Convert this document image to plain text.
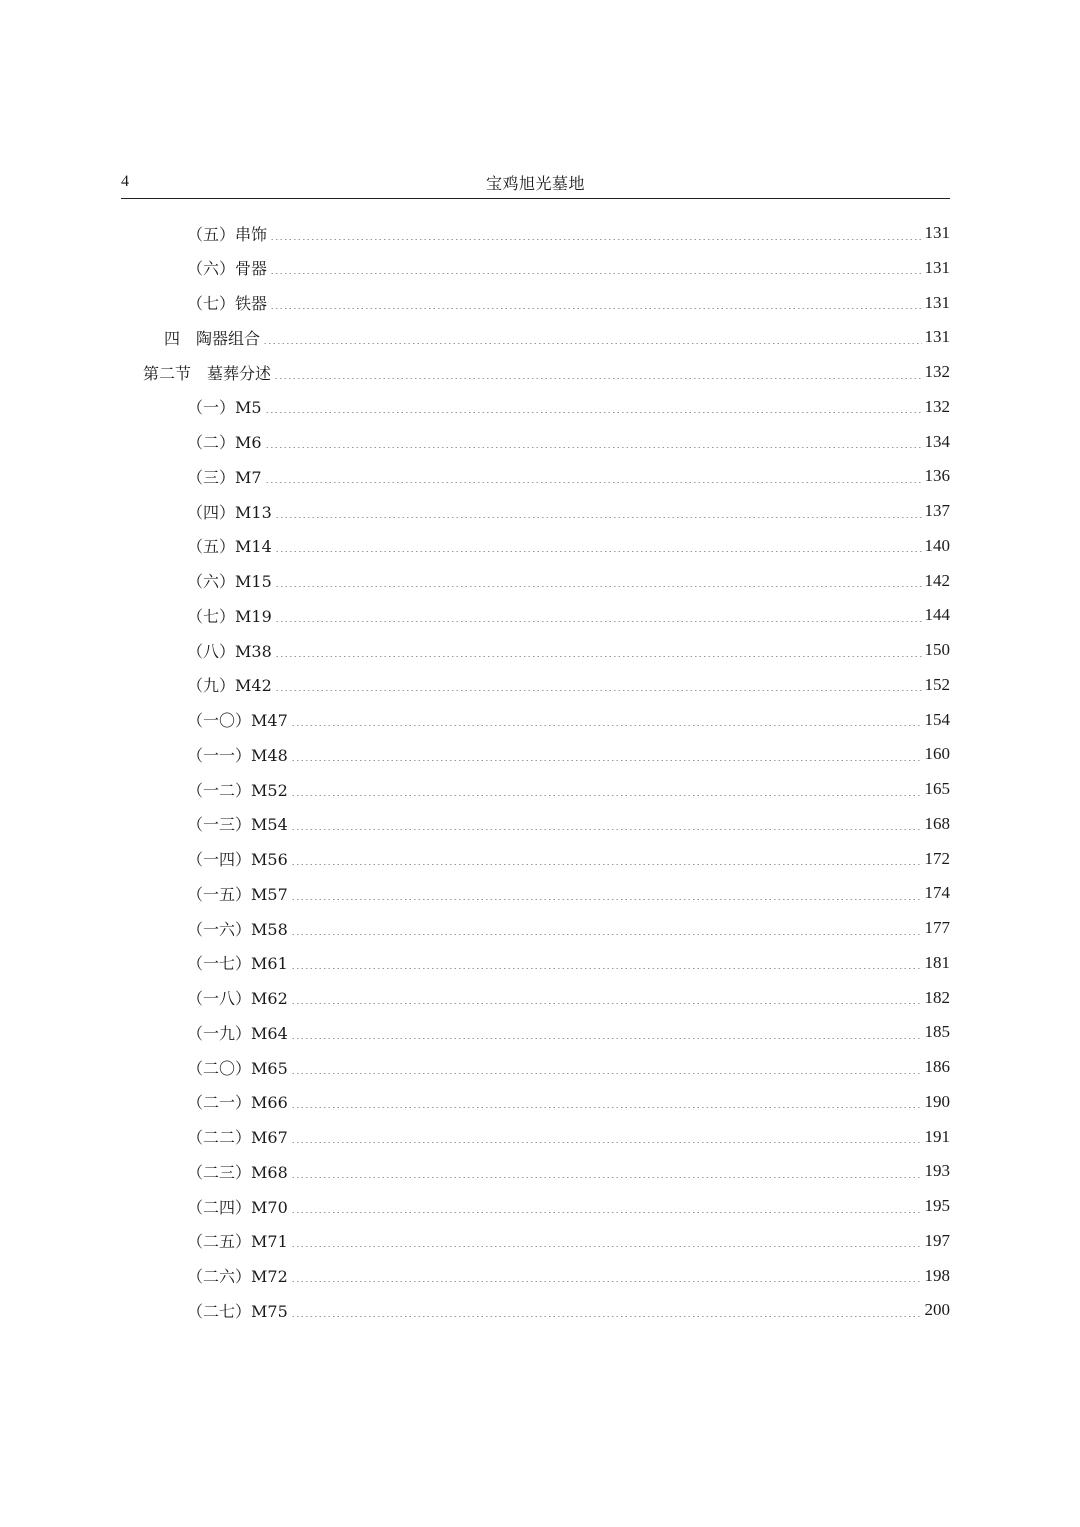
4	宝鸡旭光墓地
（五）串饰	131
（六）骨器	131
（七）铁器	131
四　陶器组合	131
第二节　墓葬分述	132
（一）M5	132
（二）M6	134
（三）M7	136
（四）M13	137
（五）M14	140
（六）M15	142
（七）M19	144
（八）M38	150
（九）M42	152
（一〇）M47	154
（一一）M48	160
（一二）M52	165
（一三）M54	168
（一四）M56	172
（一五）M57	174
（一六）M58	177
（一七）M61	181
（一八）M62	182
（一九）M64	185
（二〇）M65	186
（二一）M66	190
（二二）M67	191
（二三）M68	193
（二四）M70	195
（二五）M71	197
（二六）M72	198
（二七）M75	200
